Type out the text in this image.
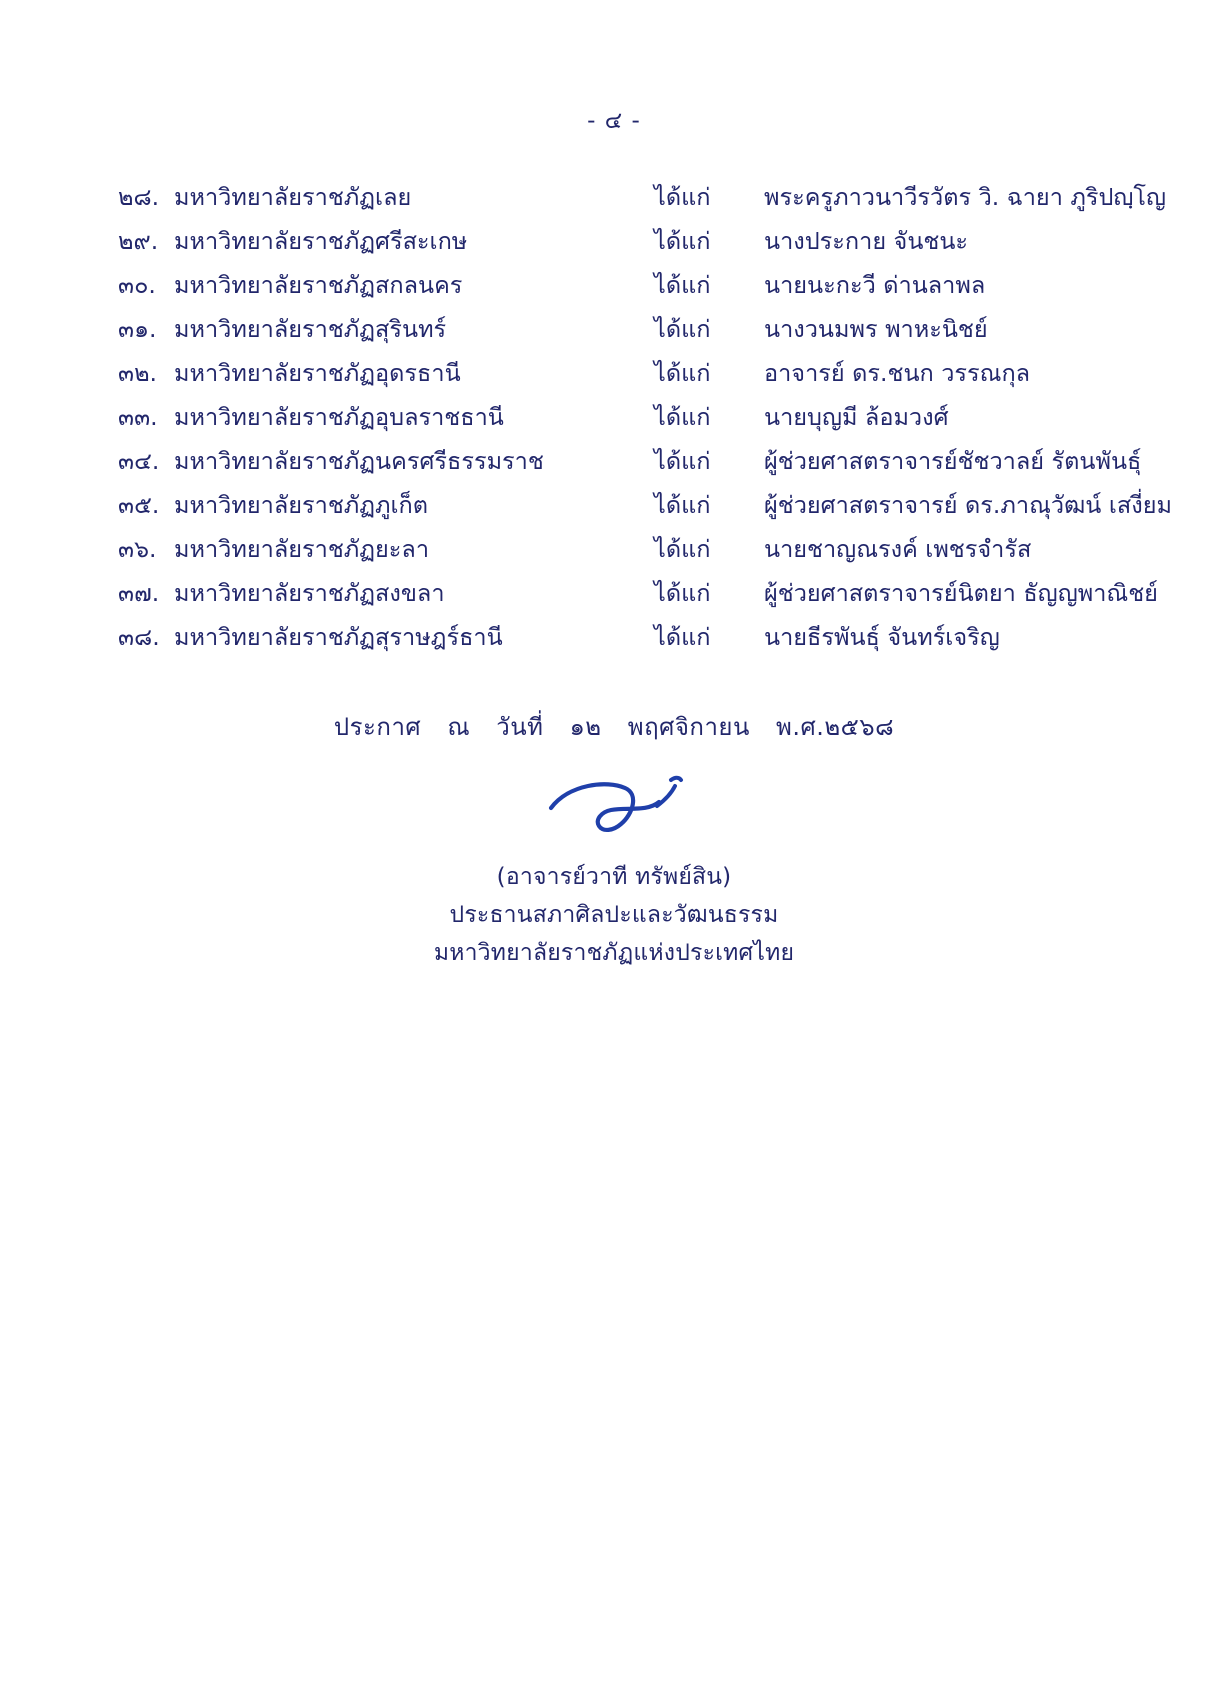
- ๔ -
๒๘. มหาวิทยาลัยราชภัฏเลย	ได้แก่	พระครูภาวนาวีรวัตร วิ. ฉายา ภูริปญฺโญ
๒๙. มหาวิทยาลัยราชภัฏศรีสะเกษ	ได้แก่	นางประกาย จันชนะ
๓๐. มหาวิทยาลัยราชภัฏสกลนคร	ได้แก่	นายนะกะวี ด่านลาพล
๓๑. มหาวิทยาลัยราชภัฏสุรินทร์	ได้แก่	นางวนมพร พาหะนิชย์
๓๒. มหาวิทยาลัยราชภัฏอุดรธานี	ได้แก่	อาจารย์ ดร.ชนก วรรณกุล
๓๓. มหาวิทยาลัยราชภัฏอุบลราชธานี	ได้แก่	นายบุญมี ล้อมวงศ์
๓๔. มหาวิทยาลัยราชภัฏนครศรีธรรมราช	ได้แก่	ผู้ช่วยศาสตราจารย์ชัชวาลย์ รัตนพันธุ์
๓๕. มหาวิทยาลัยราชภัฏภูเก็ต	ได้แก่	ผู้ช่วยศาสตราจารย์ ดร.ภาณุวัฒน์ เสงี่ยม
๓๖. มหาวิทยาลัยราชภัฏยะลา	ได้แก่	นายชาญณรงค์ เพชรจำรัส
๓๗. มหาวิทยาลัยราชภัฏสงขลา	ได้แก่	ผู้ช่วยศาสตราจารย์นิตยา ธัญญพาณิชย์
๓๘. มหาวิทยาลัยราชภัฏสุราษฎร์ธานี	ได้แก่	นายธีรพันธุ์ จันทร์เจริญ
ประกาศ ณ วันที่ ๑๒ พฤศจิกายน พ.ศ.๒๕๖๘
(อาจารย์วาที ทรัพย์สิน)
ประธานสภาศิลปะและวัฒนธรรม
มหาวิทยาลัยราชภัฏแห่งประเทศไทย
